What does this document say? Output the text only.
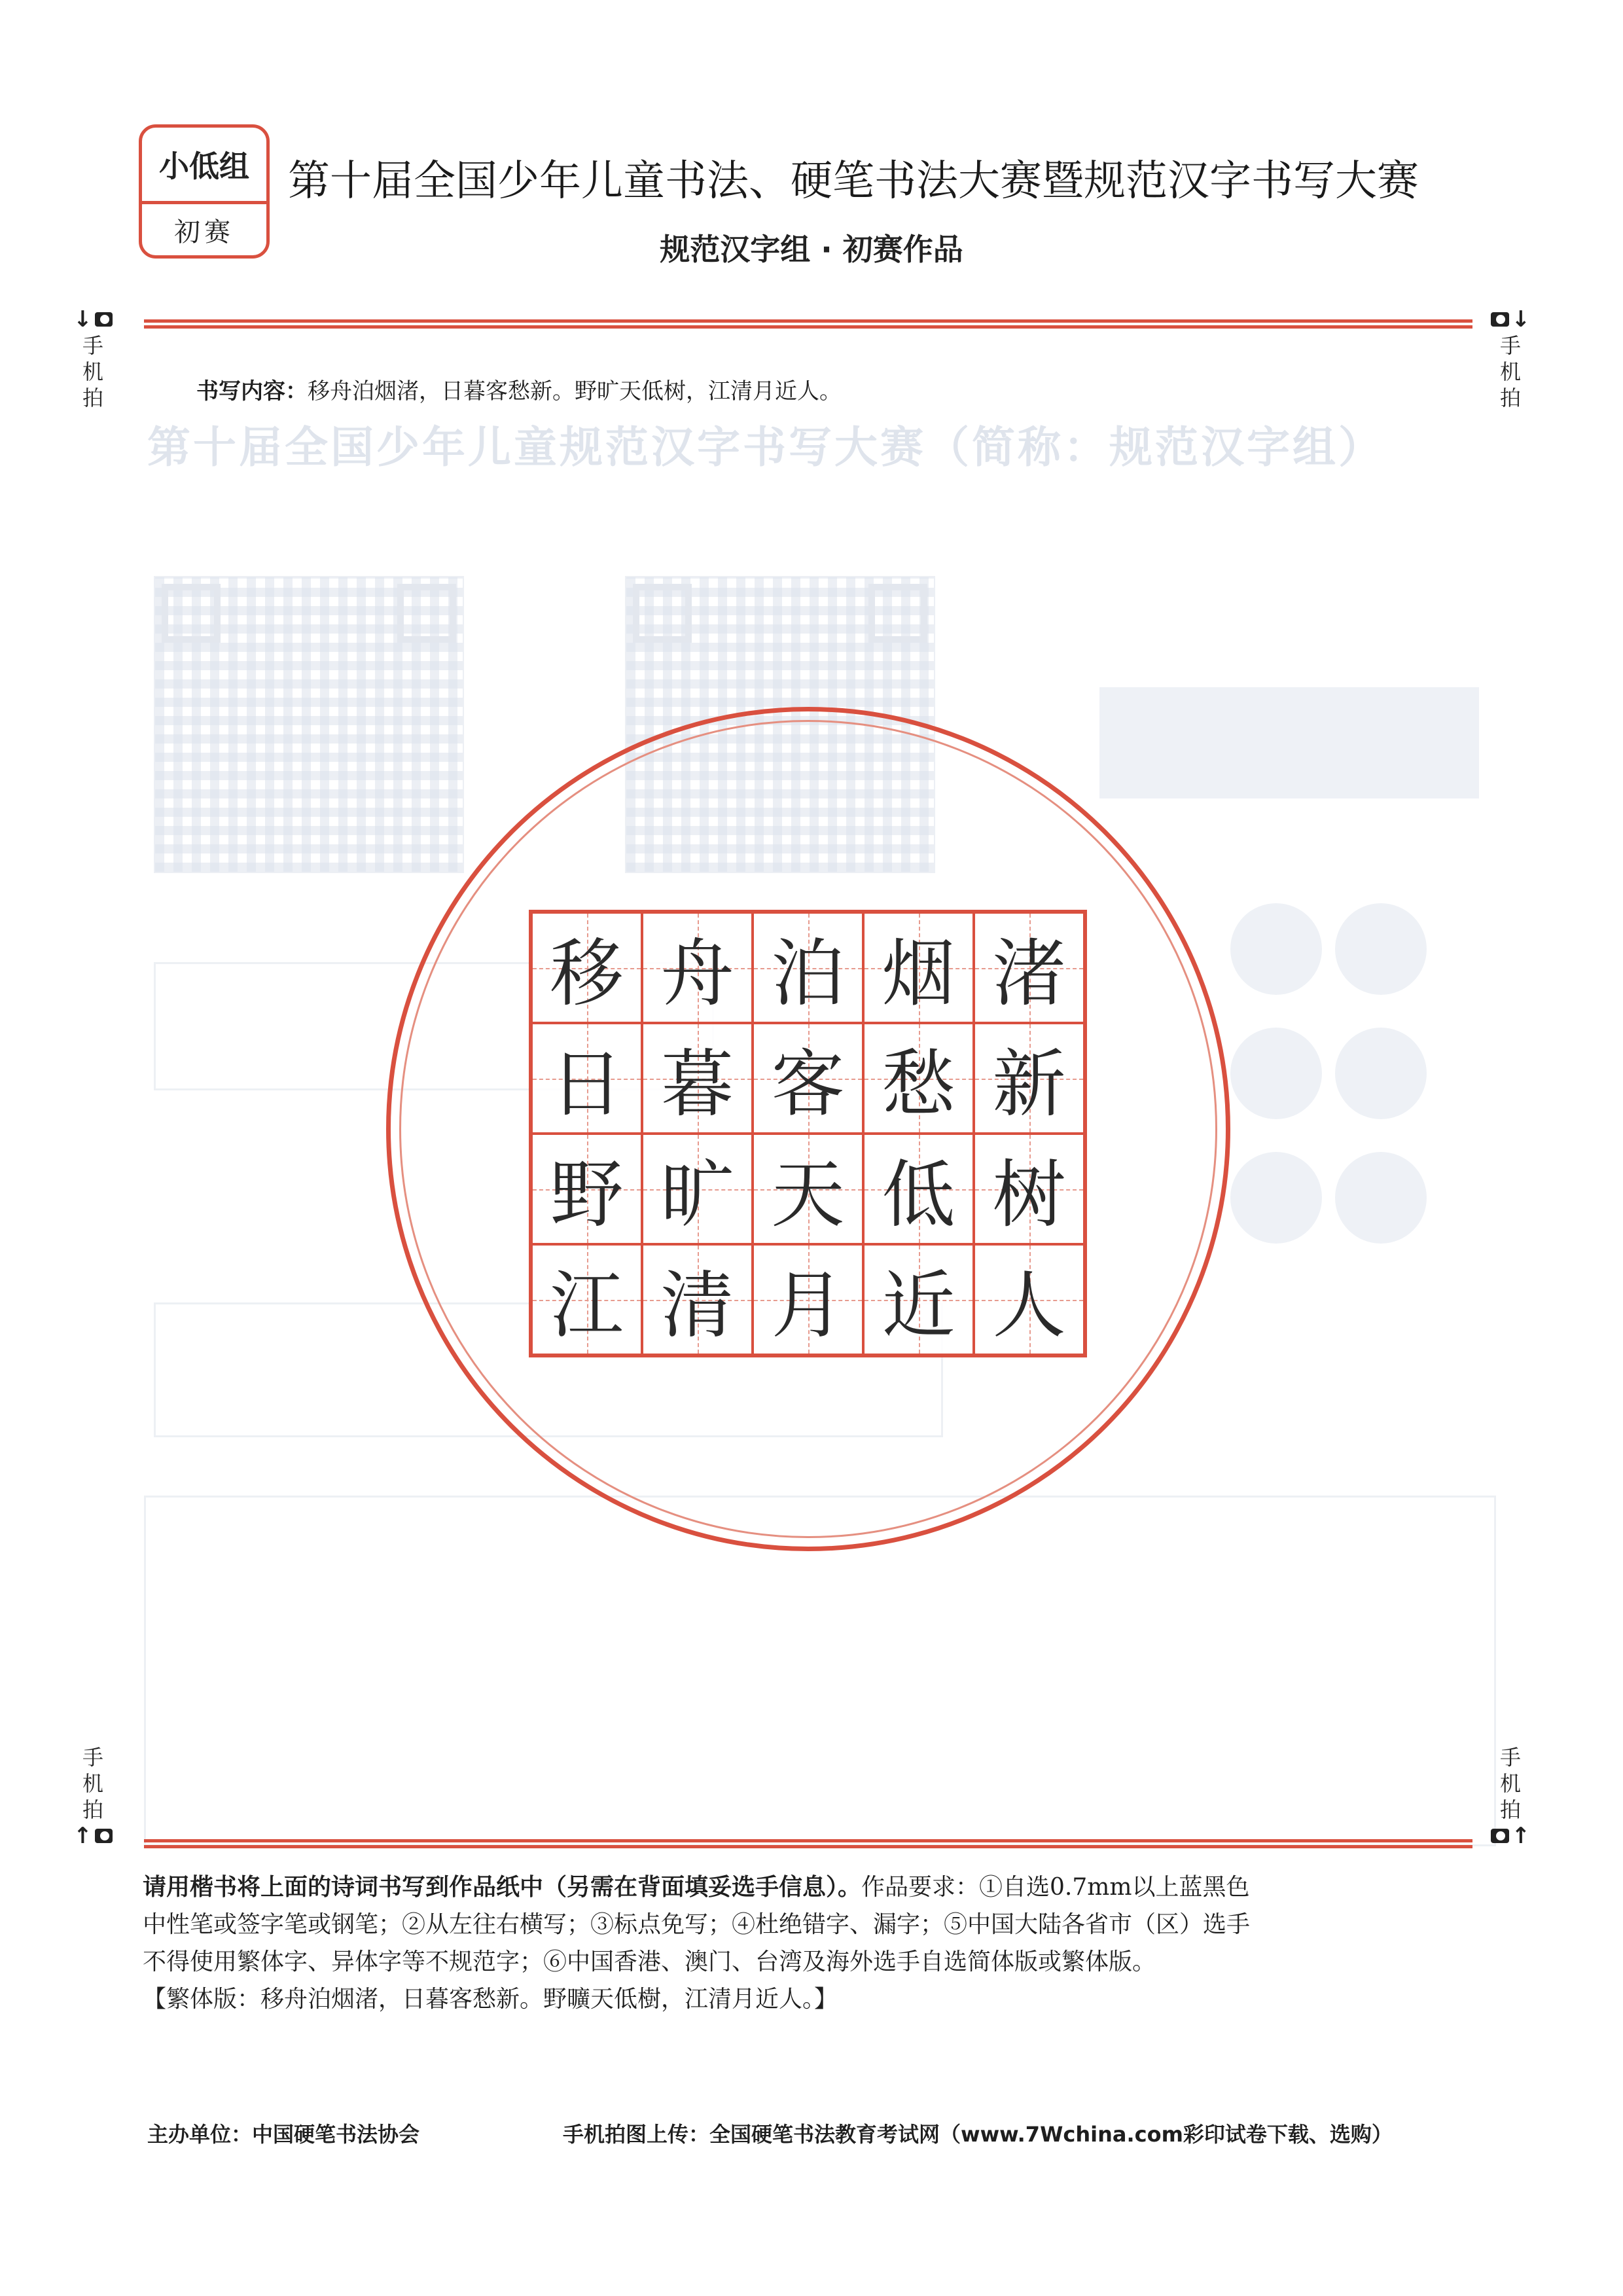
第十届全国少年儿童规范汉字书写大赛（简称：规范汉字组）
小低组
初赛
第十届全国少年儿童书法、硬笔书法大赛暨规范汉字书写大赛
规范汉字组 · 初赛作品
↓
手
机
拍
↓
手
机
拍
手
机
拍
↑
手
机
拍
↑
书写内容：移舟泊烟渚，日暮客愁新。野旷天低树，江清月近人。
移 舟 泊 烟 渚
日 暮 客 愁 新
野 旷 天 低 树
江 清 月 近 人
请用楷书将上面的诗词书写到作品纸中（另需在背面填妥选手信息）。作品要求：①自选0.7mm以上蓝黑色
中性笔或签字笔或钢笔；②从左往右横写；③标点免写；④杜绝错字、漏字；⑤中国大陆各省市（区）选手
不得使用繁体字、异体字等不规范字；⑥中国香港、澳门、台湾及海外选手自选简体版或繁体版。
【繁体版：移舟泊烟渚，日暮客愁新。野曠天低樹，江清月近人。】
主办单位：中国硬笔书法协会	手机拍图上传：全国硬笔书法教育考试网（www.7Wchina.com彩印试卷下载、选购）
